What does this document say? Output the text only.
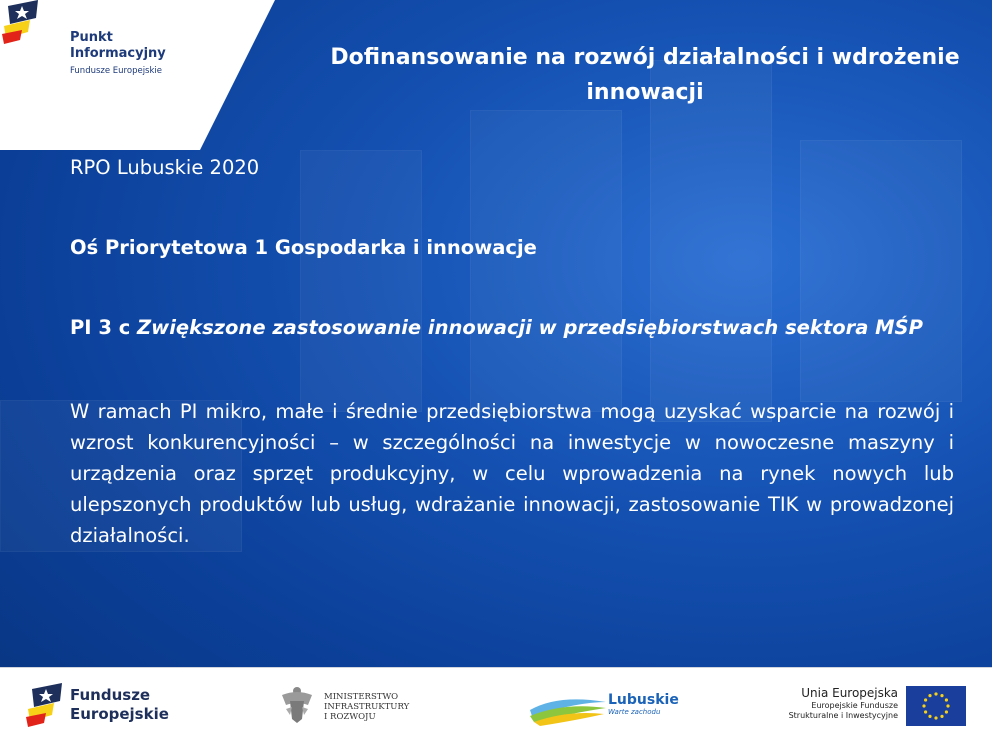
Punkt
Informacyjny
Fundusze Europejskie
Dofinansowanie na rozwój działalności i wdrożenie innowacji
RPO Lubuskie 2020
Oś Priorytetowa 1 Gospodarka i innowacje
PI 3 c Zwiększone zastosowanie innowacji w przedsiębiorstwach sektora MŚP
W ramach PI mikro, małe i średnie przedsiębiorstwa mogą uzyskać wsparcie na rozwój i wzrost konkurencyjności – w szczególności na inwestycje w nowoczesne maszyny i urządzenia oraz sprzęt produkcyjny, w celu wprowadzenia na rynek nowych lub ulepszonych produktów lub usług, wdrażanie innowacji, zastosowanie TIK w prowadzonej działalności.
Fundusze
Europejskie
MINISTERSTWO
INFRASTRUKTURY
I ROZWOJU
Lubuskie
Warte zachodu
Unia Europejska
Europejskie Fundusze
Strukturalne i Inwestycyjne
